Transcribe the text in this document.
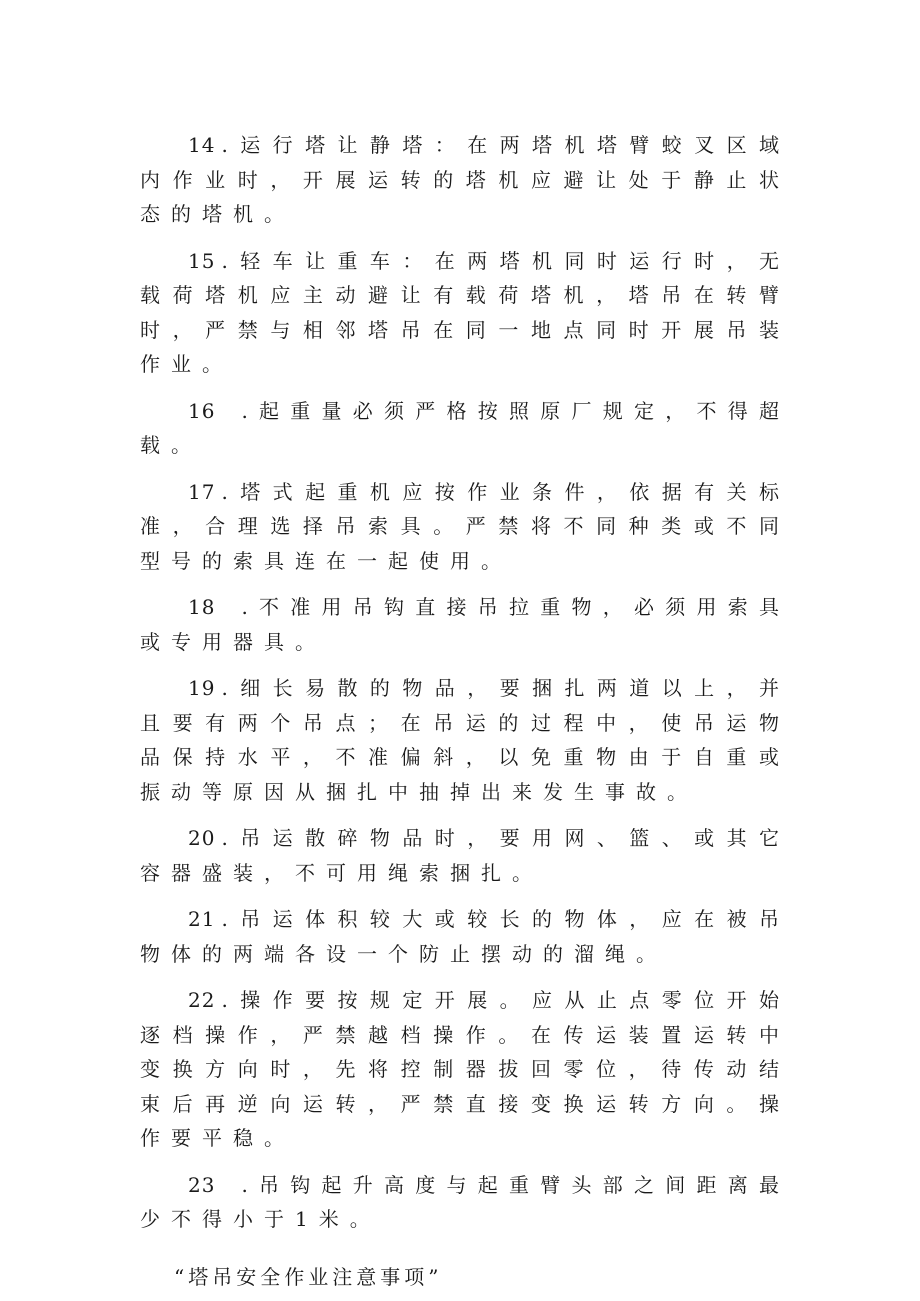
14 .运行塔让静塔：在两塔机塔臂蛟叉区域内作业时，开展运转的塔机应避让处于静止状态的塔机。

15 .轻车让重车：在两塔机同时运行时，无载荷塔机应主动避让有载荷塔机，塔吊在转臂时，严禁与相邻塔吊在同一地点同时开展吊装作业。

16 .起重量必须严格按照原厂规定，不得超载。

17 .塔式起重机应按作业条件，依据有关标准，合理选择吊索具。严禁将不同种类或不同型号的索具连在一起使用。

18 .不准用吊钩直接吊拉重物，必须用索具或专用器具。

19 .细长易散的物品，要捆扎两道以上，并且要有两个吊点；在吊运的过程中，使吊运物品保持水平，不准偏斜，以免重物由于自重或振动等原因从捆扎中抽掉出来发生事故。

20 .吊运散碎物品时，要用网、篮、或其它容器盛装，不可用绳索捆扎。

21 .吊运体积较大或较长的物体，应在被吊物体的两端各设一个防止摆动的溜绳。

22 .操作要按规定开展。应从止点零位开始逐档操作，严禁越档操作。在传运装置运转中变换方向时，先将控制器拔回零位，待传动结束后再逆向运转，严禁直接变换运转方向。操作要平稳。

23 .吊钩起升高度与起重臂头部之间距离最少不得小于1米。

“塔吊安全作业注意事项”
